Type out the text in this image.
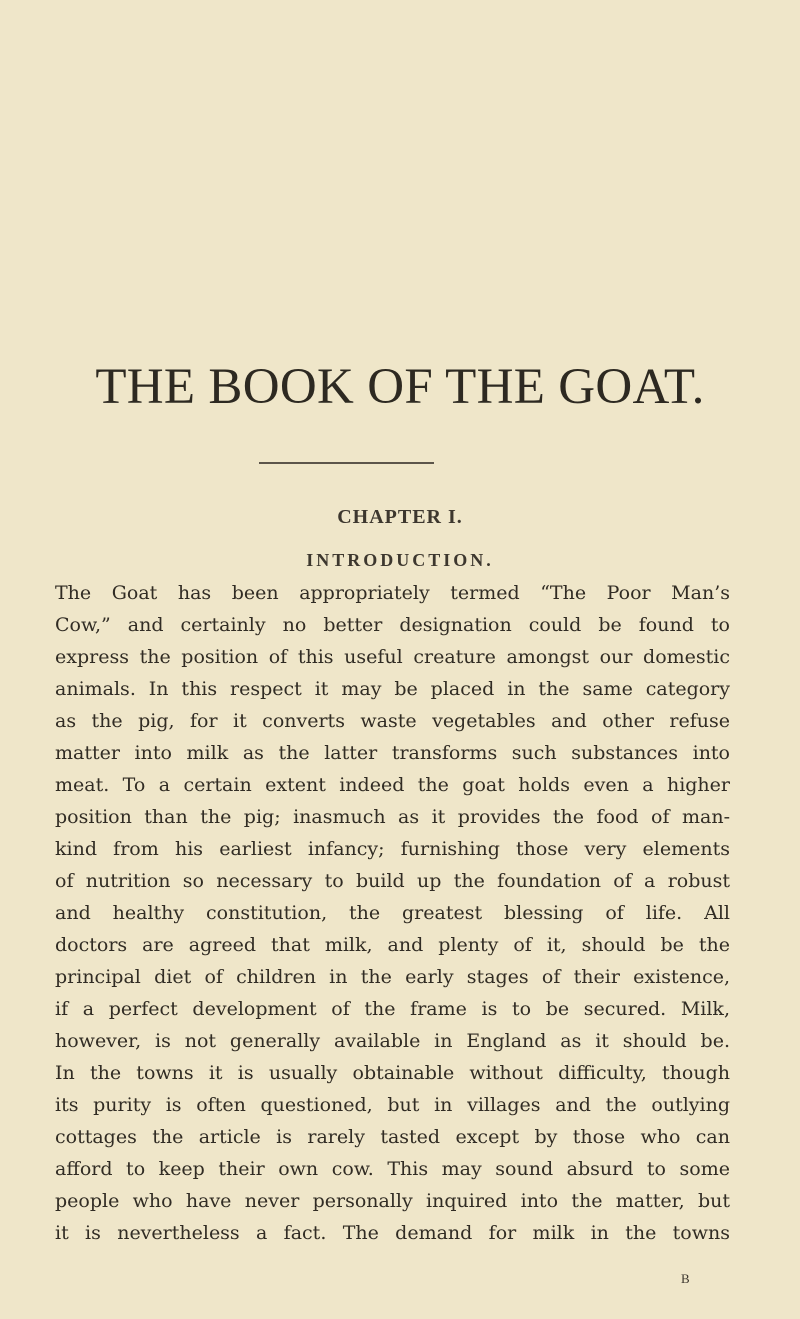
THE BOOK OF THE GOAT.
CHAPTER I.
INTRODUCTION.

The Goat has been appropriately termed “The Poor Man’s

Cow,” and certainly no better designation could be found to

express the position of this useful creature amongst our domestic

animals. In this respect it may be placed in the same category

as the pig, for it converts waste vegetables and other refuse

matter into milk as the latter transforms such substances into

meat. To a certain extent indeed the goat holds even a higher

position than the pig; inasmuch as it provides the food of man-

kind from his earliest infancy; furnishing those very elements

of nutrition so necessary to build up the foundation of a robust

and healthy constitution, the greatest blessing of life. All

doctors are agreed that milk, and plenty of it, should be the

principal diet of children in the early stages of their existence,

if a perfect development of the frame is to be secured. Milk,

however, is not generally available in England as it should be.

In the towns it is usually obtainable without difficulty, though

its purity is often questioned, but in villages and the outlying

cottages the article is rarely tasted except by those who can

afford to keep their own cow. This may sound absurd to some

people who have never personally inquired into the matter, but

it is nevertheless a fact. The demand for milk in the towns

B
